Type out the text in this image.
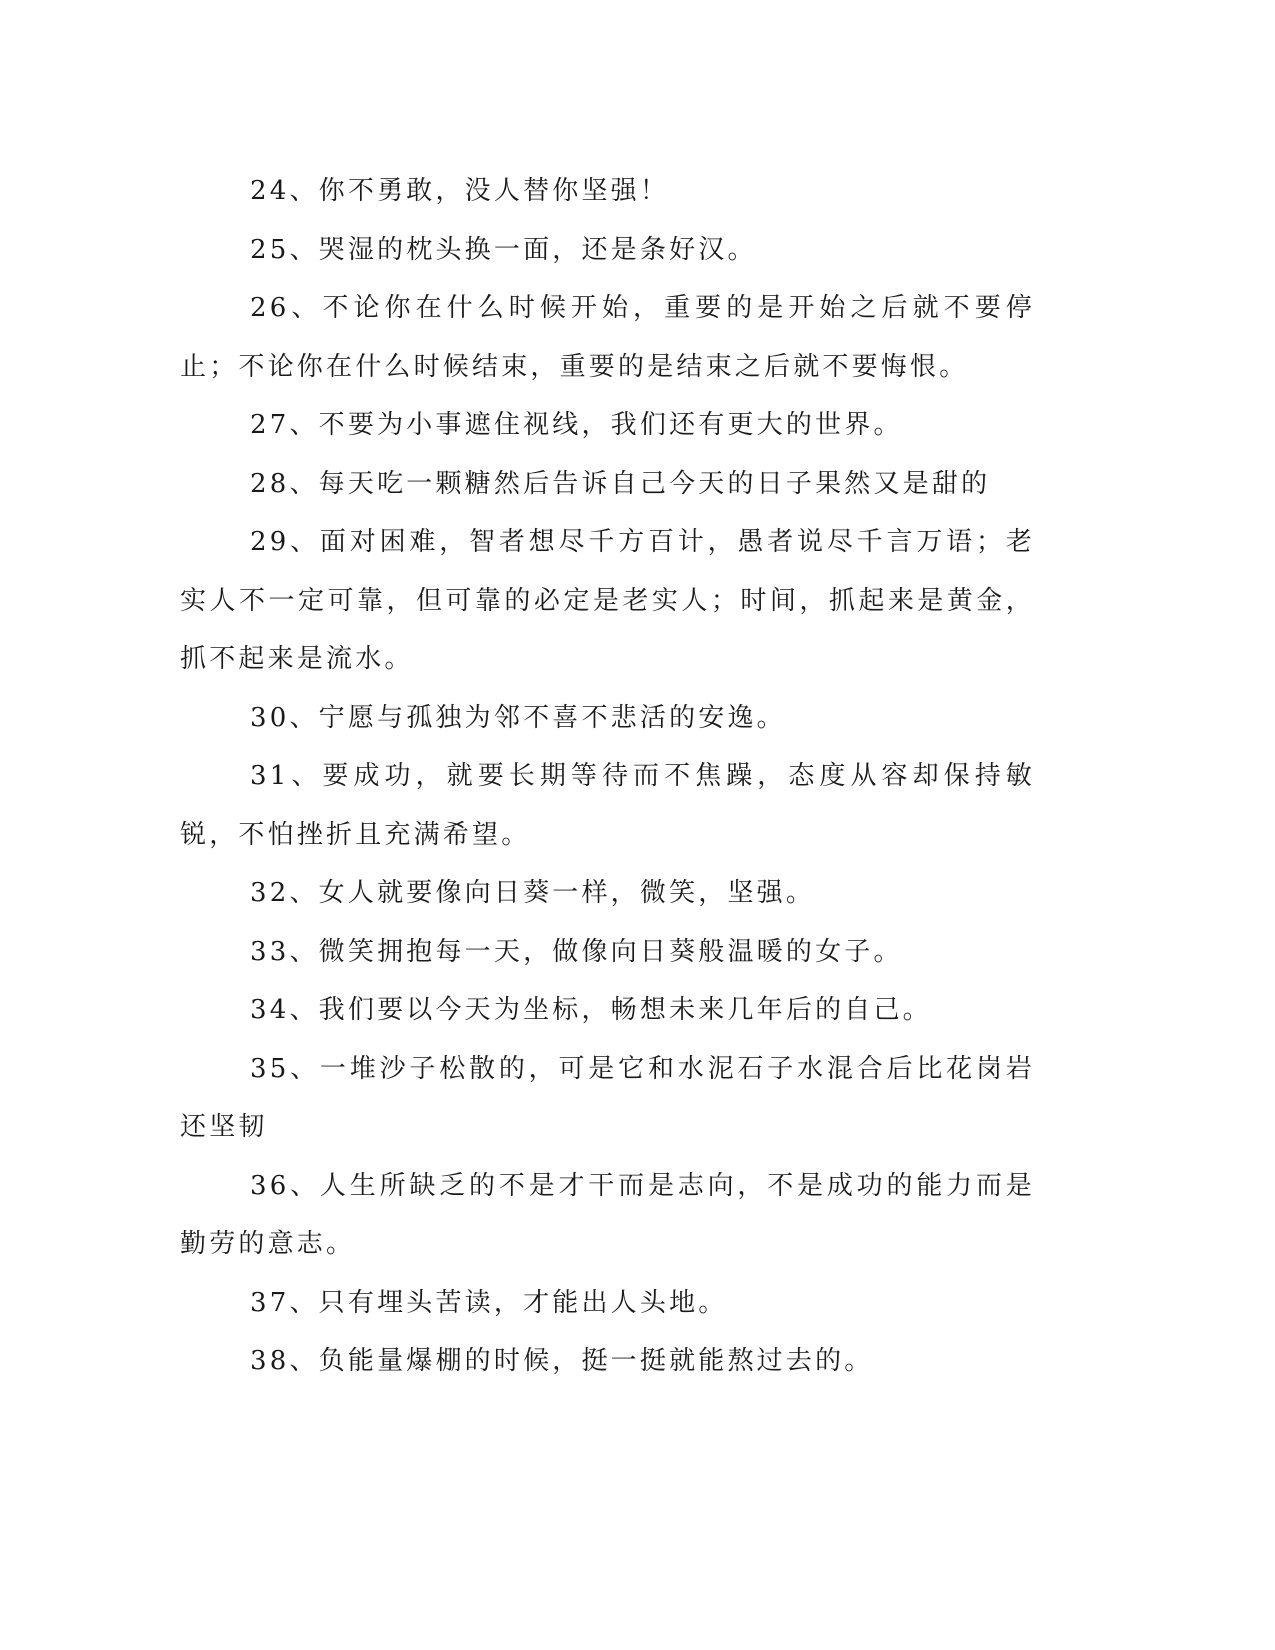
24、你不勇敢，没人替你坚强！

25、哭湿的枕头换一面，还是条好汉。

26、不论你在什么时候开始，重要的是开始之后就不要停止；不论你在什么时候结束，重要的是结束之后就不要悔恨。

27、不要为小事遮住视线，我们还有更大的世界。

28、每天吃一颗糖然后告诉自己今天的日子果然又是甜的

29、面对困难，智者想尽千方百计，愚者说尽千言万语；老实人不一定可靠，但可靠的必定是老实人；时间，抓起来是黄金，抓不起来是流水。

30、宁愿与孤独为邻不喜不悲活的安逸。

31、要成功，就要长期等待而不焦躁，态度从容却保持敏锐，不怕挫折且充满希望。

32、女人就要像向日葵一样，微笑，坚强。

33、微笑拥抱每一天，做像向日葵般温暖的女子。

34、我们要以今天为坐标，畅想未来几年后的自己。

35、一堆沙子松散的，可是它和水泥石子水混合后比花岗岩还坚韧

36、人生所缺乏的不是才干而是志向，不是成功的能力而是勤劳的意志。

37、只有埋头苦读，才能出人头地。

38、负能量爆棚的时候，挺一挺就能熬过去的。
